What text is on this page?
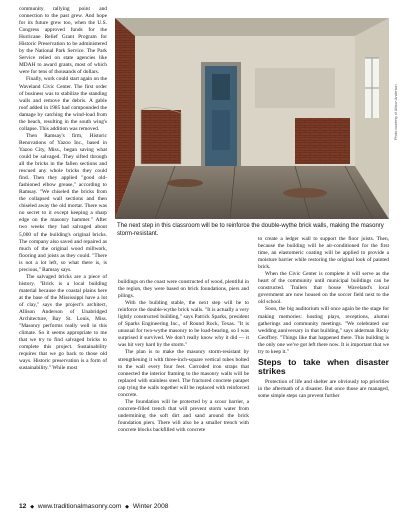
community rallying point and connection to the past grew. And hope for its future grew too, when the U.S. Congress approved funds for the Hurricane Relief Grant Program for Historic Preservation to be administered by the National Park Service. The Park Service relied on state agencies like MDAH to award grants, most of which were for tens of thousands of dollars.

Finally, work could start again on the Waveland Civic Center. The first order of business was to stabilize the standing walls and remove the debris. A gable roof added in 1985 had compounded the damage by catching the wind-load from the beach, resulting in the south wing's collapse. This addition was removed.

Then Ramsay's firm, Historic Renovations of Yazoo Inc., based in Yazoo City, Miss., began saving what could be salvaged. They sifted through all the bricks in the fallen sections and rescued any whole bricks they could find. Then they applied "good old-fashioned elbow grease," according to Ramsay. "We chiseled the bricks from the collapsed wall sections and then chiseled away the old mortar. There was no secret to it except keeping a sharp edge on the masonry hammer." After two weeks they had salvaged about 5,000 of the building's original bricks. The company also saved and repaired as much of the original wood millwork, flooring and joists as they could. "There is not a lot left, so what there is, is precious," Ramsay says.

The salvaged bricks are a piece of history. "Brick is a local building material because the coastal plains here at the base of the Mississippi have a lot of clay," says the project's architect, Allison Anderson of Unabridged Architecture, Bay St. Louis, Miss. "Masonry performs really well in this climate. So it seems appropriate to me that we try to find salvaged bricks to complete this project. Sustainability requires that we go back to those old ways. Historic preservation is a form of sustainability." While most

Photo courtesy of Allison Anderson
The next step in this classroom will be to reinforce the double-wythe brick walls, making the masonry storm-resistant.

buildings on the coast were constructed of wood, plentiful in the region, they were based on brick foundations, piers and pilings.

With the building stable, the next step will be to reinforce the double-wythe brick walls. "It is actually a very lightly constructed building," says Patrick Sparks, president of Sparks Engineering Inc., of Round Rock, Texas. "It is unusual for two-wythe masonry to be load-bearing, so I was surprised it survived. We don't really know why it did — it was hit very hard by the storm."

The plan is to make the masonry storm-resistant by strengthening it with three-inch-square vertical tubes bolted to the wall every four feet. Corroded iron straps that connected the interior framing to the masonry walls will be replaced with stainless steel. The fractured concrete parapet cap tying the walls together will be replaced with reinforced concrete.

The foundation will be protected by a scour barrier, a concrete-filled trench that will prevent storm water from undermining the soft dirt and sand around the brick foundation piers. There will also be a smaller trench with concrete blocks backfilled with concrete

to create a ledger wall to support the floor joists. Then, because the building will be air-conditioned for the first time, an elastomeric coating will be applied to provide a moisture barrier while restoring the original look of painted brick.

When the Civic Center is complete it will serve as the heart of the community until municipal buildings can be constructed. Trailers that house Waveland's local government are now housed on the soccer field next to the old school.

Soon, the big auditorium will once again be the stage for making memories: hosting plays, receptions, alumni gatherings and community meetings. "We celebrated our wedding anniversary in that building," says alderman Ricky Geoffrey. "Things like that happened there. This building is the only one we've got left there now. It is important that we try to keep it."

Steps to take when disaster strikes

Protection of life and shelter are obviously top priorities in the aftermath of a disaster. But once those are managed, some simple steps can prevent further

12 ◆ www.traditionalmasonry.com ◆ Winter 2008
